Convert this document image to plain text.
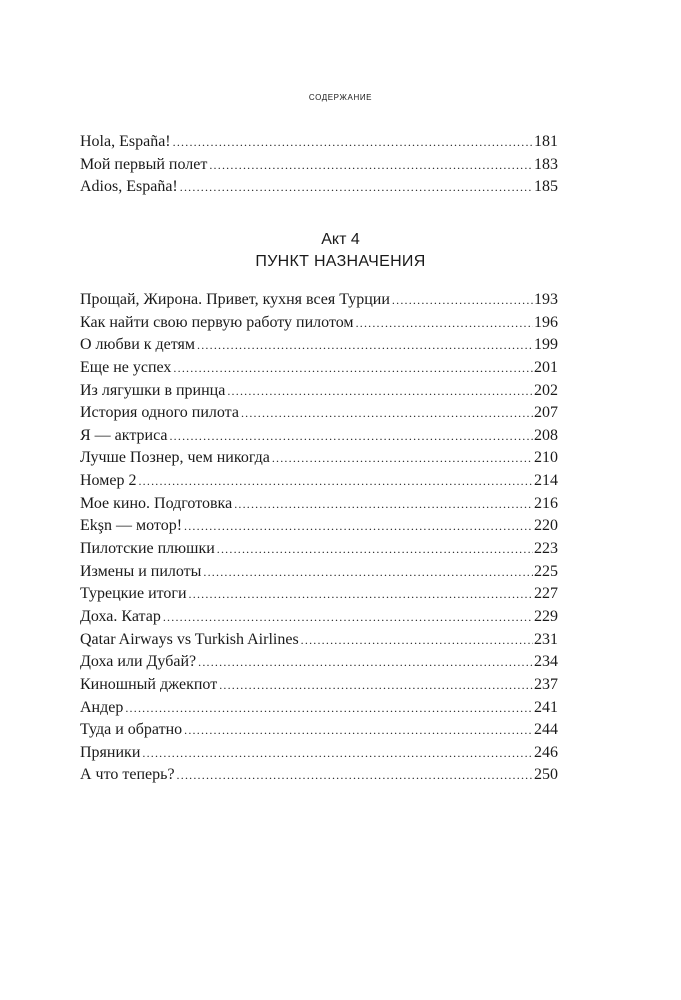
содержание
Hola, España! .....	181
Мой первый полет .....	183
Adios, España! .....	185
Акт 4
ПУНКТ НАЗНАЧЕНИЯ
Прощай, Жирона. Привет, кухня всея Турции .....	193
Как найти свою первую работу пилотом .....	196
О любви к детям .....	199
Еще не успех .....	201
Из лягушки в принца .....	202
История одного пилота .....	207
Я — актриса .....	208
Лучше Познер, чем никогда .....	210
Номер 2 .....	214
Мое кино. Подготовка .....	216
Ekşn — мотор! .....	220
Пилотские плюшки .....	223
Измены и пилоты .....	225
Турецкие итоги .....	227
Доха. Катар .....	229
Qatar Airways vs Turkish Airlines .....	231
Доха или Дубай? .....	234
Киношный джекпот .....	237
Андер .....	241
Туда и обратно .....	244
Пряники .....	246
А что теперь? .....	250
